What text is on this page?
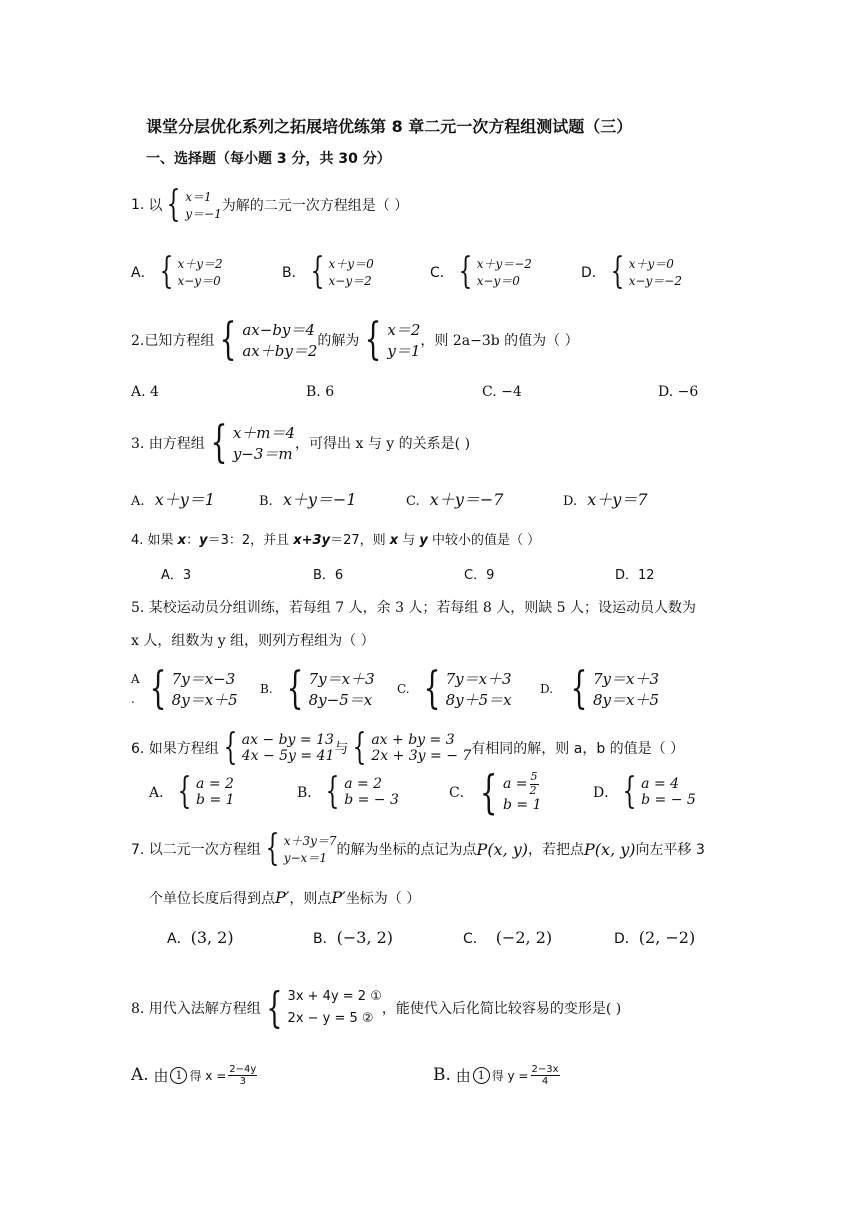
课堂分层优化系列之拓展培优练第 8 章二元一次方程组测试题（三）
一、选择题（每小题 3 分，共 30 分）
1. 以 { x＝1
y＝−1 为解的二元一次方程组是（ ）
A． { x＋y＝2
x−y＝0	B． { x＋y＝0
x−y＝2	C． { x＋y＝−2
x−y＝0	D． { x＋y＝0
x−y＝−2
2.已知方程组 { ax−by＝4
ax＋by＝2
的解为 { x＝2
y＝1
，则 2a−3b 的值为（ ）
A. 4	B. 6	C. −4	D. −6
3. 由方程组 { x＋m＝4
y−3＝m
，可得出 x 与 y 的关系是( )
A. x＋y＝1	B. x＋y＝−1	C. x＋y＝−7	D. x＋y＝7
4. 如果 x：y＝3：2，并且 x+3y＝27，则 x 与 y 中较小的值是（ ）
A．3	B．6	C．9	D．12
5. 某校运动员分组训练，若每组 7 人，余 3 人；若每组 8 人，则缺 5 人；设运动员人数为
x 人，组数为 y 组，则列方程组为（ ）
A
. { 7y＝x−3
8y＝x＋5
B. { 7y＝x＋3
8y−5＝x
C. { 7y＝x＋3
8y＋5＝x
D. { 7y＝x＋3
8y＝x＋5
6. 如果方程组 { ax − by = 13
4x − 5y = 41 与 { ax + by = 3
2x + 3y = − 7 有相同的解，则 a，b 的值是（ ）
A． { a = 2
b = 1	B． { a = 2
b = − 3	C． { $a = \frac{5}{2}$
b = 1
D． { a = 4
b = − 5
7. 以二元一次方程组 { x＋3y＝7
y−x＝1 的解为坐标的点记为点 P(x, y) ，若把点 P(x, y) 向左平移 3
个单位长度后得到点P′，则点P′坐标为（ ）
A．(3, 2)	B．(−3, 2)	C． (−2, 2)	D．(2, −2)
8. 用代入法解方程组 { 3x + 4y = 2 ①
2x − y = 5 ②
，能使代入后化简比较容易的变形是( )
A.
由 1 得 $x = \frac{2-4y}{3}$	B.
由 1 得 $y = \frac{2-3x}{4}$
